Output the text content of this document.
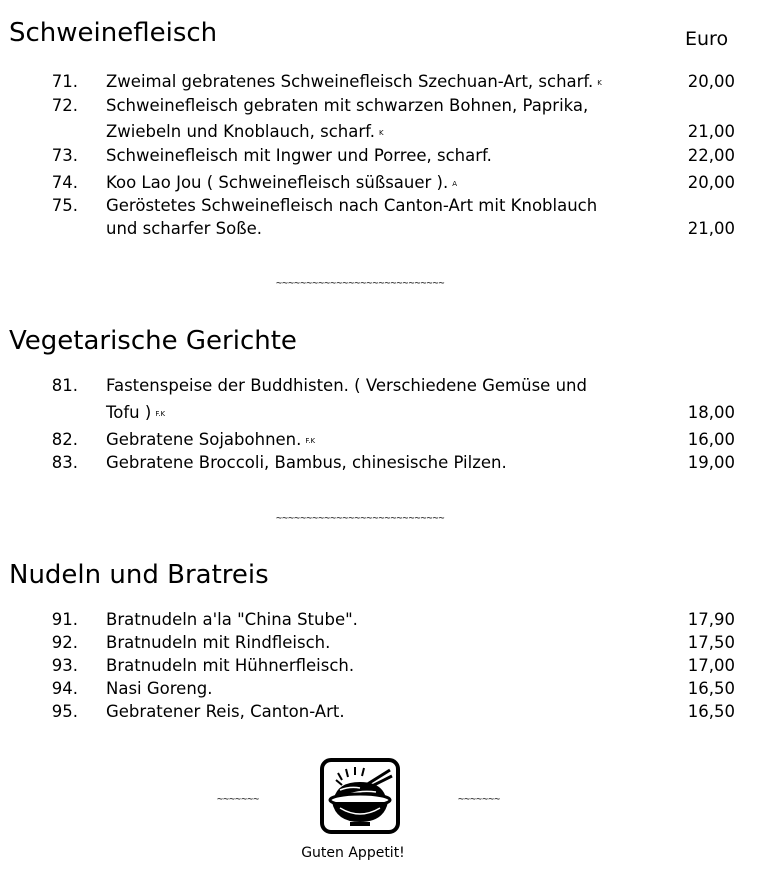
Schweinefleisch	Euro
71. Zweimal gebratenes Schweinefleisch Szechuan-Art, scharf. K	20,00
72. Schweinefleisch gebraten mit schwarzen Bohnen, Paprika,
Zwiebeln und Knoblauch, scharf. K	21,00
73. Schweinefleisch mit Ingwer und Porree, scharf.	22,00
74. Koo Lao Jou ( Schweinefleisch süßsauer ). A	20,00
75. Geröstetes Schweinefleisch nach Canton-Art mit Knoblauch
und scharfer Soße.	21,00
~~~~~~~~~~~~~~~~~~~~~~~~~~~~
Vegetarische Gerichte
81. Fastenspeise der Buddhisten. ( Verschiedene Gemüse und
Tofu ) F.K	18,00
82. Gebratene Sojabohnen. F.K	16,00
83. Gebratene Broccoli, Bambus, chinesische Pilzen.	19,00
~~~~~~~~~~~~~~~~~~~~~~~~~~~~
Nudeln und Bratreis
91. Bratnudeln a'la "China Stube".	17,90
92. Bratnudeln mit Rindfleisch.	17,50
93. Bratnudeln mit Hühnerfleisch.	17,00
94. Nasi Goreng.	16,50
95. Gebratener Reis, Canton-Art.	16,50
~~~~~~~	~~~~~~~
Guten Appetit!
